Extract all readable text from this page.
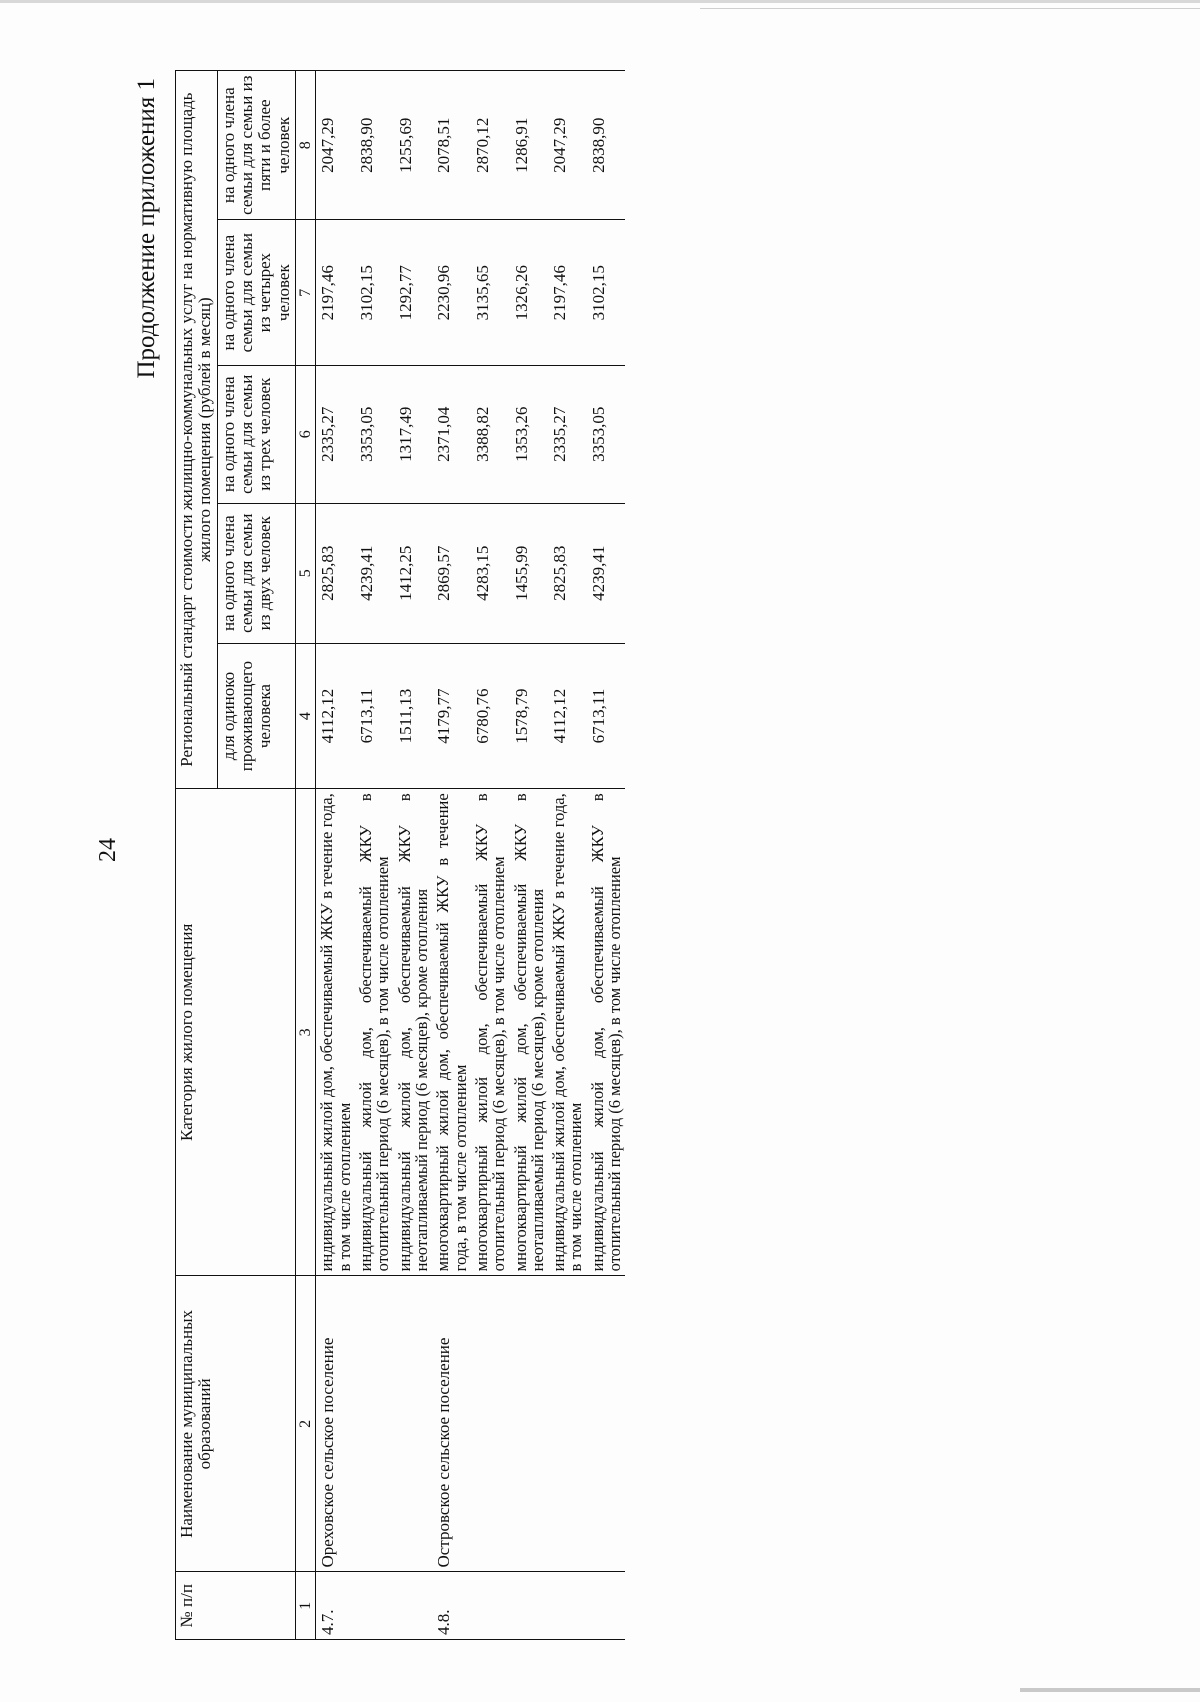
24
Продолжение приложения 1
№ п/п	Наименование муниципальных образований	Категория жилого помещения	Региональный стандарт стоимости жилищно-коммунальных услуг на нормативную площадь жилого помещения (рублей в месяц)				
			для одиноко проживающего человека	на одного члена семьи для семьи из двух человек	на одного члена семьи для семьи из трех человек	на одного члена семьи для семьи из четырех человек	на одного члена семьи для семьи из пяти и более человек
1	2	3	4	5	6	7	8
4.7.	Ореховское сельское поселение	индивидуальный жилой дом, обеспечиваемый ЖКУ в течение года, в том числе отоплением	4112,12	2825,83	2335,27	2197,46	2047,29
		индивидуальный жилой дом, обеспечиваемый ЖКУ в отопительный период (6 месяцев), в том числе отоплением	6713,11	4239,41	3353,05	3102,15	2838,90
		индивидуальный жилой дом, обеспечиваемый ЖКУ в неотапливаемый период (6 месяцев), кроме отопления	1511,13	1412,25	1317,49	1292,77	1255,69
4.8.	Островское сельское поселение	многоквартирный жилой дом, обеспечиваемый ЖКУ в течение года, в том числе отоплением	4179,77	2869,57	2371,04	2230,96	2078,51
		многоквартирный жилой дом, обеспечиваемый ЖКУ в отопительный период (6 месяцев), в том числе отоплением	6780,76	4283,15	3388,82	3135,65	2870,12
		многоквартирный жилой дом, обеспечиваемый ЖКУ в неотапливаемый период (6 месяцев), кроме отопления	1578,79	1455,99	1353,26	1326,26	1286,91
		индивидуальный жилой дом, обеспечиваемый ЖКУ в течение года, в том числе отоплением	4112,12	2825,83	2335,27	2197,46	2047,29
		индивидуальный жилой дом, обеспечиваемый ЖКУ в отопительный период (6 месяцев), в том числе отоплением	6713,11	4239,41	3353,05	3102,15	2838,90
